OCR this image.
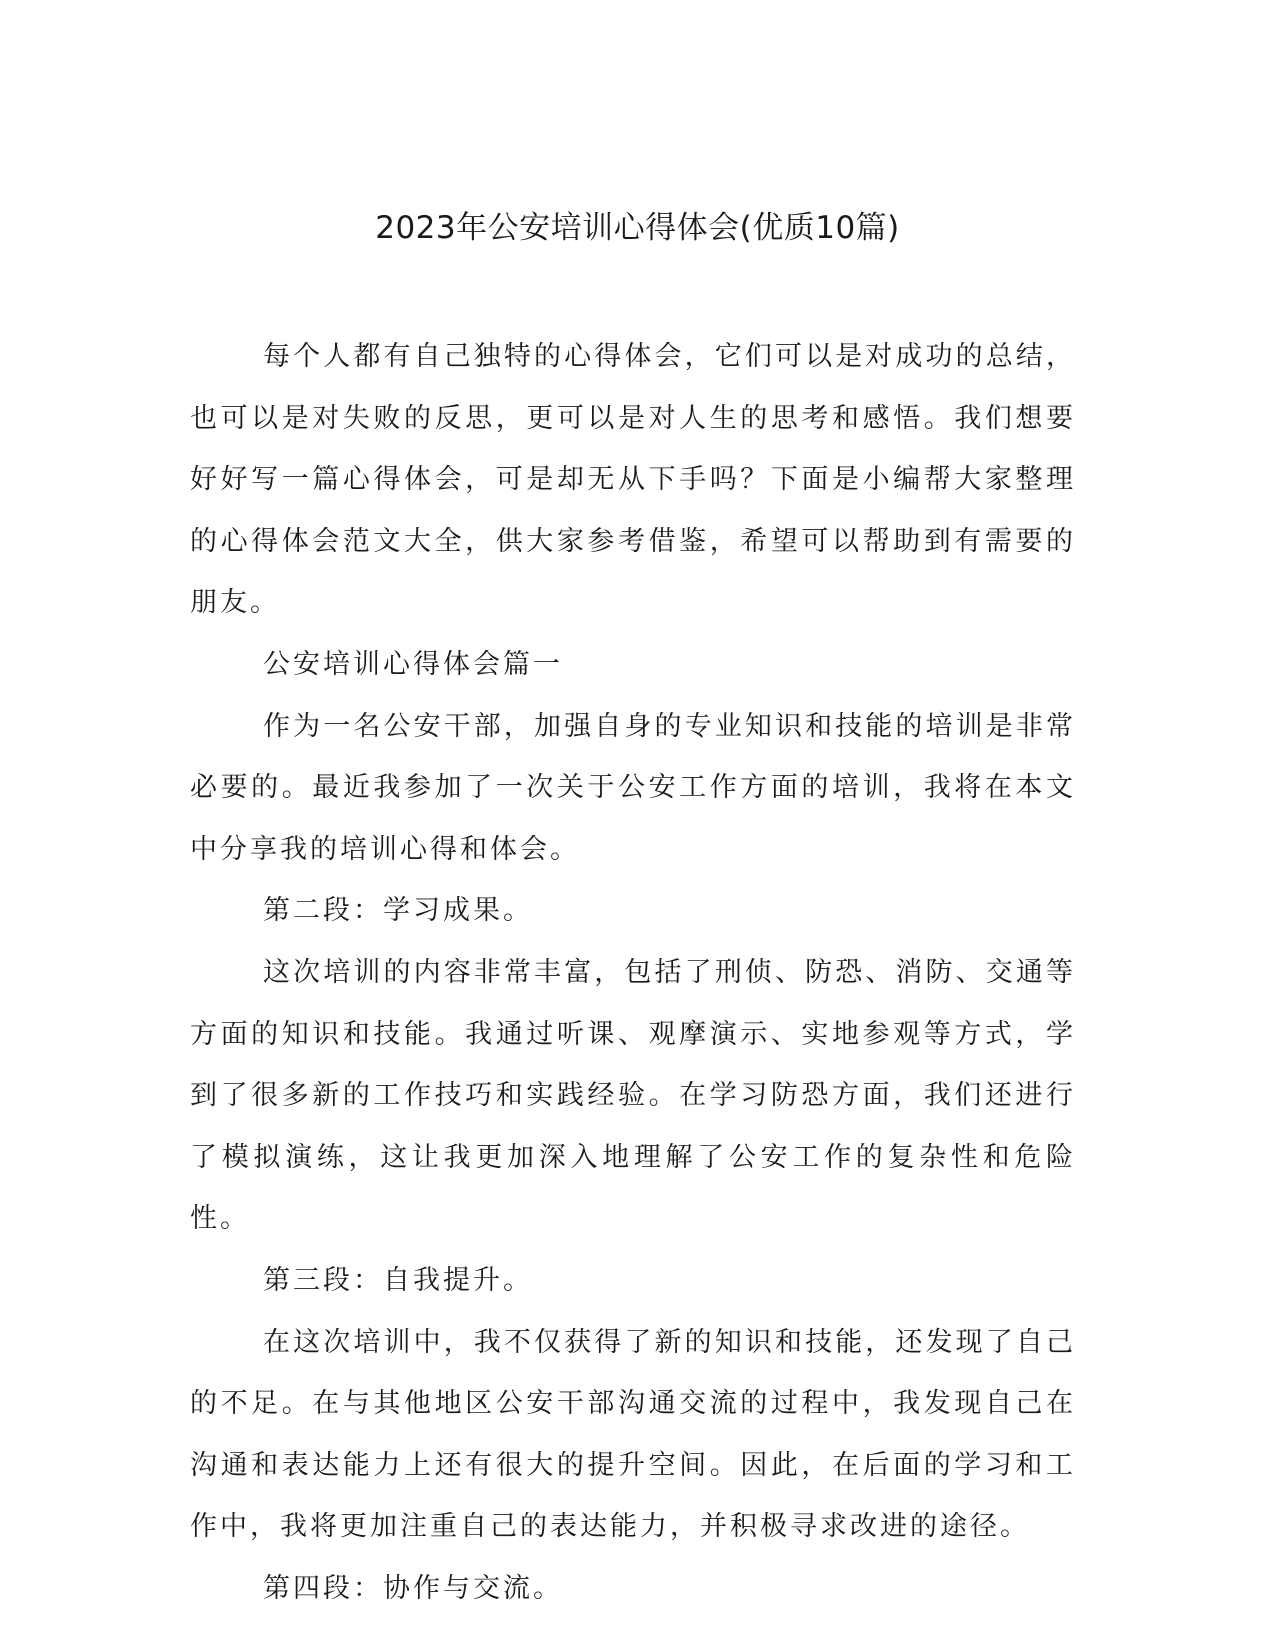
2023年公安培训心得体会(优质10篇)

每个人都有自己独特的心得体会，它们可以是对成功的总结，也可以是对失败的反思，更可以是对人生的思考和感悟。我们想要好好写一篇心得体会，可是却无从下手吗？下面是小编帮大家整理的心得体会范文大全，供大家参考借鉴，希望可以帮助到有需要的朋友。

公安培训心得体会篇一

作为一名公安干部，加强自身的专业知识和技能的培训是非常必要的。最近我参加了一次关于公安工作方面的培训，我将在本文中分享我的培训心得和体会。

第二段：学习成果。

这次培训的内容非常丰富，包括了刑侦、防恐、消防、交通等方面的知识和技能。我通过听课、观摩演示、实地参观等方式，学到了很多新的工作技巧和实践经验。在学习防恐方面，我们还进行了模拟演练，这让我更加深入地理解了公安工作的复杂性和危险性。

第三段：自我提升。

在这次培训中，我不仅获得了新的知识和技能，还发现了自己的不足。在与其他地区公安干部沟通交流的过程中，我发现自己在沟通和表达能力上还有很大的提升空间。因此，在后面的学习和工作中，我将更加注重自己的表达能力，并积极寻求改进的途径。

第四段：协作与交流。
